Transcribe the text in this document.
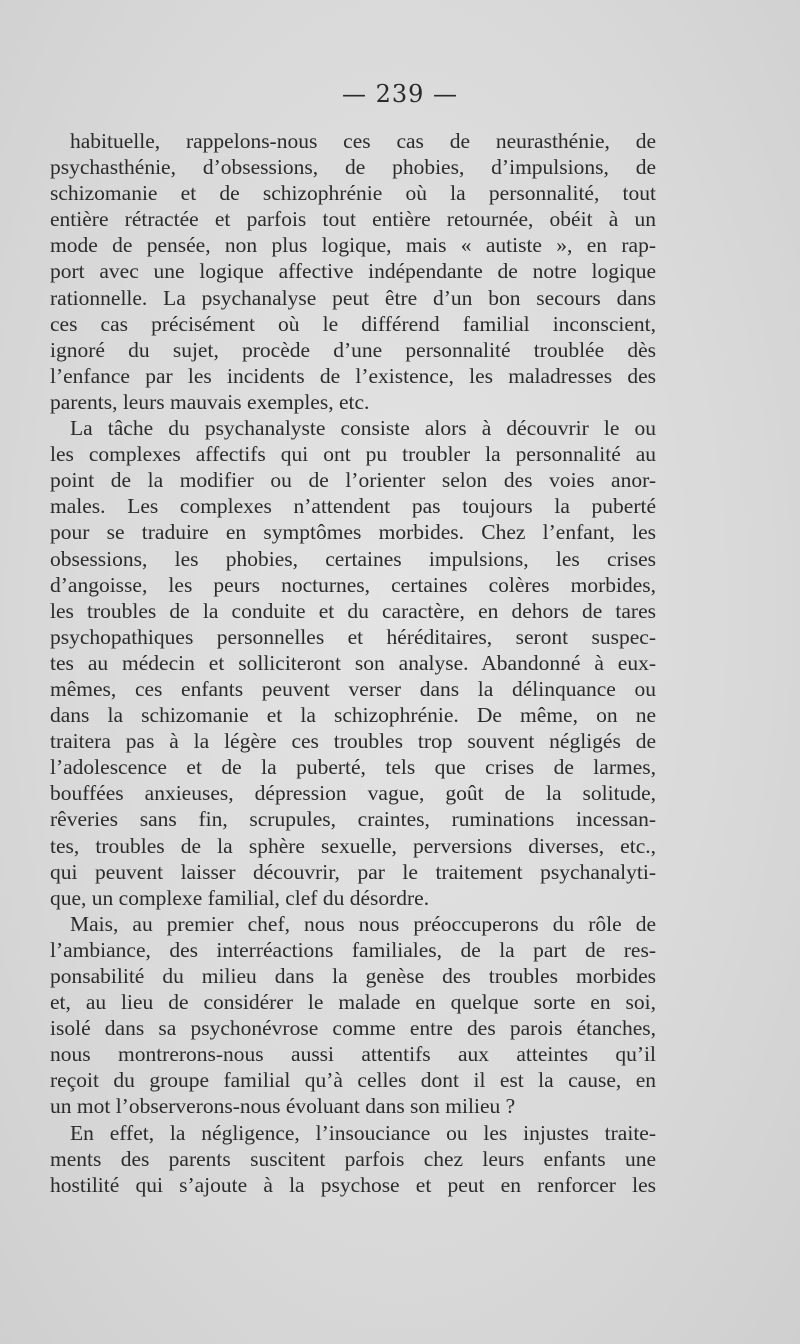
— 239 —

habituelle, rappelons-nous ces cas de neurasthénie, de
psychasthénie, d’obsessions, de phobies, d’impulsions, de
schizomanie et de schizophrénie où la personnalité, tout
entière rétractée et parfois tout entière retournée, obéit à un
mode de pensée, non plus logique, mais « autiste », en rap-
port avec une logique affective indépendante de notre logique
rationnelle. La psychanalyse peut être d’un bon secours dans
ces cas précisément où le différend familial inconscient,
ignoré du sujet, procède d’une personnalité troublée dès
l’enfance par les incidents de l’existence, les maladresses des
parents, leurs mauvais exemples, etc.

La tâche du psychanalyste consiste alors à découvrir le ou
les complexes affectifs qui ont pu troubler la personnalité au
point de la modifier ou de l’orienter selon des voies anor-
males. Les complexes n’attendent pas toujours la puberté
pour se traduire en symptômes morbides. Chez l’enfant, les
obsessions, les phobies, certaines impulsions, les crises
d’angoisse, les peurs nocturnes, certaines colères morbides,
les troubles de la conduite et du caractère, en dehors de tares
psychopathiques personnelles et héréditaires, seront suspec-
tes au médecin et solliciteront son analyse. Abandonné à eux-
mêmes, ces enfants peuvent verser dans la délinquance ou
dans la schizomanie et la schizophrénie. De même, on ne
traitera pas à la légère ces troubles trop souvent négligés de
l’adolescence et de la puberté, tels que crises de larmes,
bouffées anxieuses, dépression vague, goût de la solitude,
rêveries sans fin, scrupules, craintes, ruminations incessan-
tes, troubles de la sphère sexuelle, perversions diverses, etc.,
qui peuvent laisser découvrir, par le traitement psychanalyti-
que, un complexe familial, clef du désordre.

Mais, au premier chef, nous nous préoccuperons du rôle de
l’ambiance, des interréactions familiales, de la part de res-
ponsabilité du milieu dans la genèse des troubles morbides
et, au lieu de considérer le malade en quelque sorte en soi,
isolé dans sa psychonévrose comme entre des parois étanches,
nous montrerons-nous aussi attentifs aux atteintes qu’il
reçoit du groupe familial qu’à celles dont il est la cause, en
un mot l’observerons-nous évoluant dans son milieu ?

En effet, la négligence, l’insouciance ou les injustes traite-
ments des parents suscitent parfois chez leurs enfants une
hostilité qui s’ajoute à la psychose et peut en renforcer les
